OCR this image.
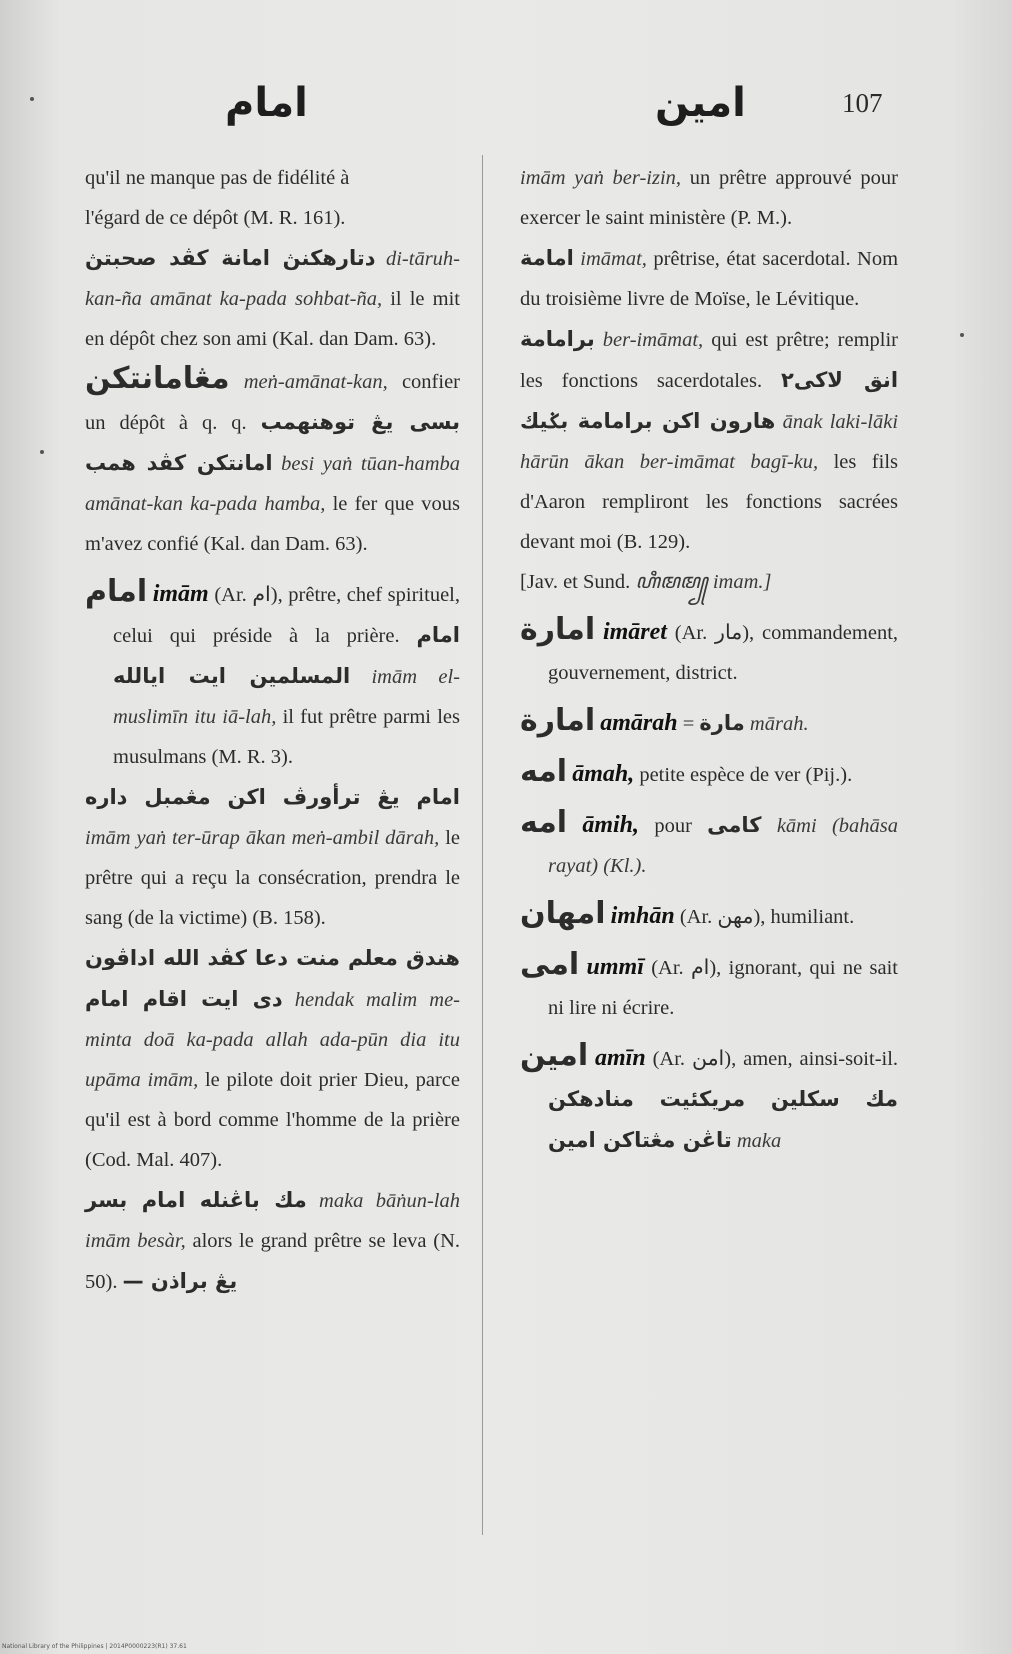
امام	امين	107

qu'il ne manque pas de fidélité à
l'égard de ce dépôt (M. R. 161).

دتارهكنڽ امانة كڤد صحبتڽ di-tāruh-kan-ña amānat ka-pada sohbat-ña, il le mit en dépôt chez son ami (Kal. dan Dam. 63).

مڠامانتكن meṅ-amānat-kan, confier un dépôt à q. q. بسى يڠ توهنهمب امانتكن كڤد همب besi yaṅ tūan-hamba amānat-kan ka-pada hamba, le fer que vous m'avez confié (Kal. dan Dam. 63).

امام imām (Ar. ام), prêtre, chef spirituel, celui qui préside à la prière. امام المسلمين ايت ايالله imām el-muslimīn itu iā-lah, il fut prêtre parmi les musulmans (M. R. 3).

امام يڠ ترأورڤ اكن مڠمبل داره imām yaṅ ter-ūrap ākan meṅ-ambil dārah, le prêtre qui a reçu la consécration, prendra le sang (de la victime) (B. 158).

هندق معلم منت دعا كڤد الله اداڤون دى ايت اقام امام hendak malim me-minta doā ka-pada allah ada-pūn dia itu upāma imām, le pilote doit prier Dieu, parce qu'il est à bord comme l'homme de la prière (Cod. Mal. 407).

مك باڠنله امام بسر maka bāṅun-lah imām besàr, alors le grand prêtre se leva (N. 50). يڠ براذن —

imām yaṅ ber-izin, un prêtre approuvé pour exercer le saint ministère (P. M.).

امامة imāmat, prêtrise, état sacerdotal. Nom du troisième livre de Moïse, le Lévitique.

برامامة ber-imāmat, qui est prêtre; remplir les fonctions sacerdotales. انق لاكى٢ هارون اكن برامامة بݢيك ānak laki-lāki hārūn ākan ber-imāmat bagī-ku, les fils d'Aaron rempliront les fonctions sacrées devant moi (B. 129).

[Jav. et Sund. ꦲꦶꦩꦩ꧀ imam.]

امارة imāret (Ar. مار), commandement, gouvernement, district.

امارة amārah = مارة mārah.

امه āmah, petite espèce de ver (Pij.).

امه āmih, pour كامى kāmi (bahāsa rayat) (Kl.).

امهان imhān (Ar. مهن), humiliant.

امى ummī (Ar. ام), ignorant, qui ne sait ni lire ni écrire.

امين amīn (Ar. امن), amen, ainsi-soit-il. مك سكلين مريكئيت منادهكن تاڠن مڠتاكن امين maka

National Library of the Philippines | 2014P0000223(R1) 37.61
